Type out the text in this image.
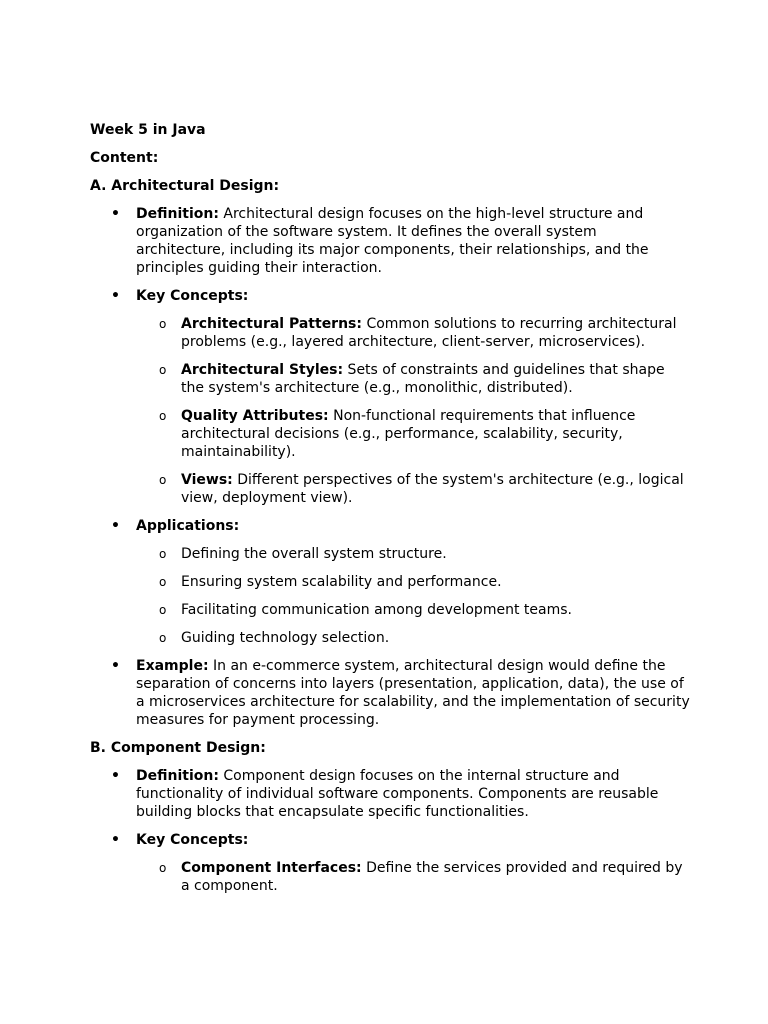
Week 5 in Java

Content:

A. Architectural Design:

• Definition: Architectural design focuses on the high-level structure and organization of the software system. It defines the overall system architecture, including its major components, their relationships, and the principles guiding their interaction.
• Key Concepts:
o Architectural Patterns: Common solutions to recurring architectural problems (e.g., layered architecture, client-server, microservices).
o Architectural Styles: Sets of constraints and guidelines that shape the system's architecture (e.g., monolithic, distributed).
o Quality Attributes: Non-functional requirements that influence architectural decisions (e.g., performance, scalability, security, maintainability).
o Views: Different perspectives of the system's architecture (e.g., logical view, deployment view).
• Applications:
o Defining the overall system structure.
o Ensuring system scalability and performance.
o Facilitating communication among development teams.
o Guiding technology selection.
• Example: In an e-commerce system, architectural design would define the separation of concerns into layers (presentation, application, data), the use of a microservices architecture for scalability, and the implementation of security measures for payment processing.

B. Component Design:

• Definition: Component design focuses on the internal structure and functionality of individual software components. Components are reusable building blocks that encapsulate specific functionalities.
• Key Concepts:
o Component Interfaces: Define the services provided and required by a component.
